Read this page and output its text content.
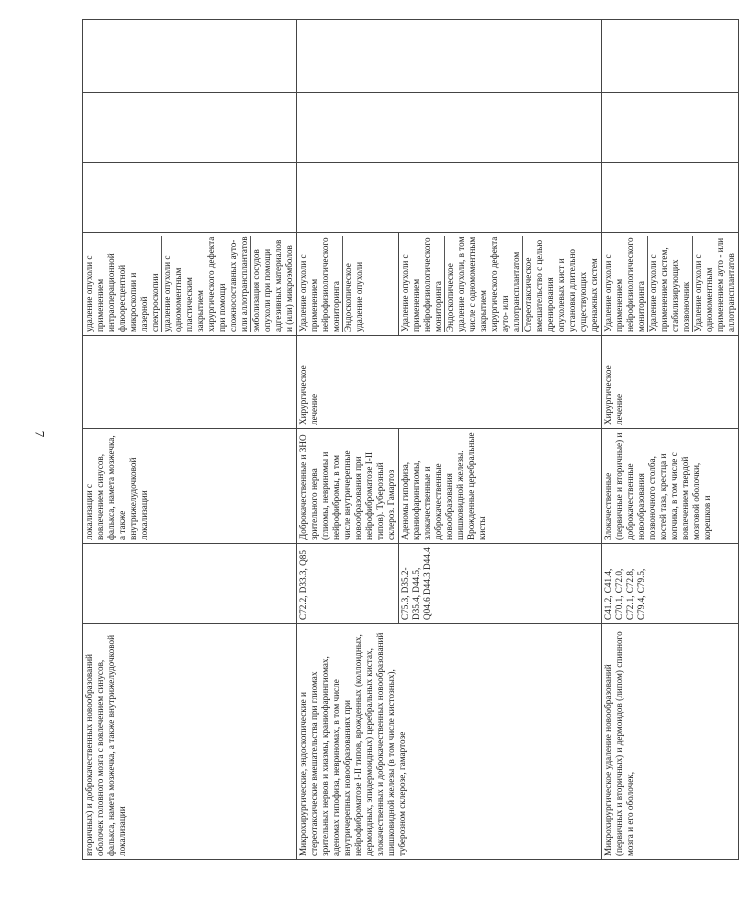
7
вторичных) и доброкачественных новообразований оболочек головного мозга с вовлечением синусов, фалькса, намета мозжечка, а также внутрижелудочковой локализации		локализации с вовлечением синусов, фалькса, намета мозжечка, а также внутрижелудочковой локализации		удаление опухоли с применением интраоперационной флюоресцентной микроскопии и лазерной спектроскопии удаление опухоли с одномоментным пластическим закрытием хирургического дефекта при помощи сложносоставных ауто- или аллотрансплантатов эмболизация сосудов опухоли при помощи адгезивных материалов и (или) микроэмболов			

Микрохирургические, эндоскопические и стереотаксические вмешательства при глиомах зрительных нервов и хиазмы, краниофарингиомах, аденомах гипофиза, невриномах, в том числе внутричерепных новообразованиях при нейрофиброматозе I-II типов, врожденных (коллоидных, дермоидных, эпидермоидных) церебральных кистах, злокачественных и доброкачественных новообразований шишковидной железы (в том числе кистозных), туберозном склерозе, гамартозе	C72.2, D33.3, Q85	Доброкачественные и ЗНО зрительного нерва (глиомы, невриномы и нейрофибромы, в том числе внутричерепные новообразования при нейрофиброматозе I-II типов). Туберозный склероз. Гамартоз	Хирургическое лечение	Удаление опухоли с применением нейрофизиологического мониторинга Эндоскопическое удаление опухоли			

	C75.3, D35.2-D35.4, D44.5, Q04.6 D44.3 D44.4	Аденомы гипофиза, краниофарингиомы, злокачественные и доброкачественные новообразования шишковидной железы. Врожденные церебральные кисты		Удаление опухоли с применением нейрофизиологического мониторинга Эндоскопическое удаление опухоли, в том числе с одномоментным закрытием хирургического дефекта ауто- или аллотрансплантатом Стереотаксическое вмешательство с целью дренирования опухолевых кист и установки длительно существующих дренажных систем			

Микрохирургическое удаление новообразований (первичных и вторичных) и дермоидов (липом) спинного мозга и его оболочек,	C41.2, C41.4, C70.1, C72.0, C72.1, C72.8, C79.4, C79.5,	Злокачественные (первичные и вторичные) и доброкачественные новообразования позвоночного столба, костей таза, крестца и копчика, в том числе с вовлечением твердой мозговой оболочки, корешков и	Хирургическое лечение	Удаление опухоли с применением нейрофизиологического мониторинга Удаление опухоли с применением систем, стабилизирующих позвоночник Удаление опухоли с одномоментным применением ауто - или аллотрансплантатов			
